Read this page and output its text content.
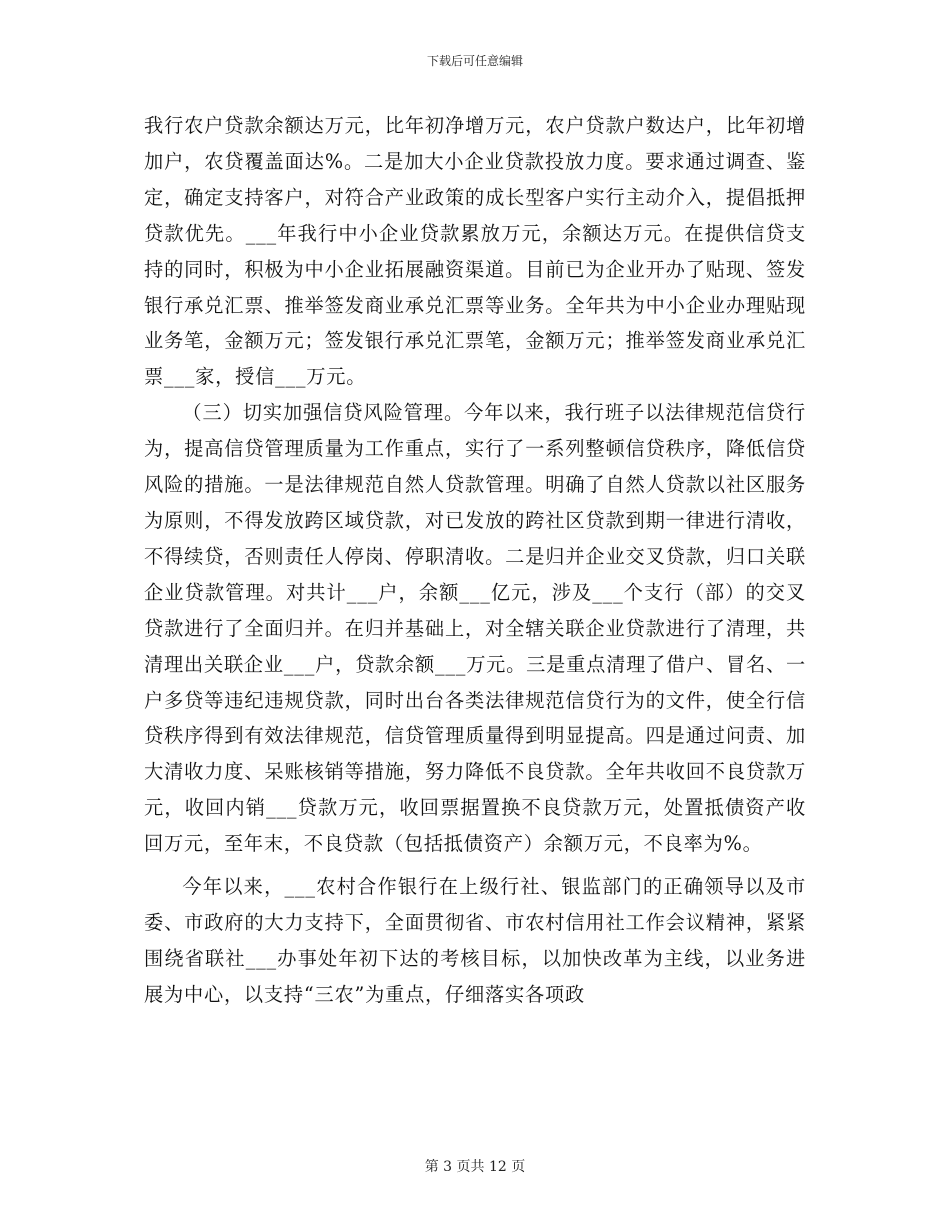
下载后可任意编辑

我行农户贷款余额达万元，比年初净增万元，农户贷款户数达户，比年初增加户，农贷覆盖面达%。二是加大小企业贷款投放力度。要求通过调查、鉴定，确定支持客户，对符合产业政策的成长型客户实行主动介入，提倡抵押贷款优先。___年我行中小企业贷款累放万元，余额达万元。在提供信贷支持的同时，积极为中小企业拓展融资渠道。目前已为企业开办了贴现、签发银行承兑汇票、推举签发商业承兑汇票等业务。全年共为中小企业办理贴现业务笔，金额万元；签发银行承兑汇票笔，金额万元；推举签发商业承兑汇票___家，授信___万元。

（三）切实加强信贷风险管理。今年以来，我行班子以法律规范信贷行为，提高信贷管理质量为工作重点，实行了一系列整顿信贷秩序，降低信贷风险的措施。一是法律规范自然人贷款管理。明确了自然人贷款以社区服务为原则，不得发放跨区域贷款，对已发放的跨社区贷款到期一律进行清收，不得续贷，否则责任人停岗、停职清收。二是归并企业交叉贷款，归口关联企业贷款管理。对共计___户，余额___亿元，涉及___个支行（部）的交叉贷款进行了全面归并。在归并基础上，对全辖关联企业贷款进行了清理，共清理出关联企业___户，贷款余额___万元。三是重点清理了借户、冒名、一户多贷等违纪违规贷款，同时出台各类法律规范信贷行为的文件，使全行信贷秩序得到有效法律规范，信贷管理质量得到明显提高。四是通过问责、加大清收力度、呆账核销等措施，努力降低不良贷款。全年共收回不良贷款万元，收回内销___贷款万元，收回票据置换不良贷款万元，处置抵债资产收回万元，至年末，不良贷款（包括抵债资产）余额万元，不良率为%。

今年以来，___农村合作银行在上级行社、银监部门的正确领导以及市委、市政府的大力支持下，全面贯彻省、市农村信用社工作会议精神，紧紧围绕省联社___办事处年初下达的考核目标，以加快改革为主线，以业务进展为中心，以支持“三农”为重点，仔细落实各项政

第 3 页共 12 页
